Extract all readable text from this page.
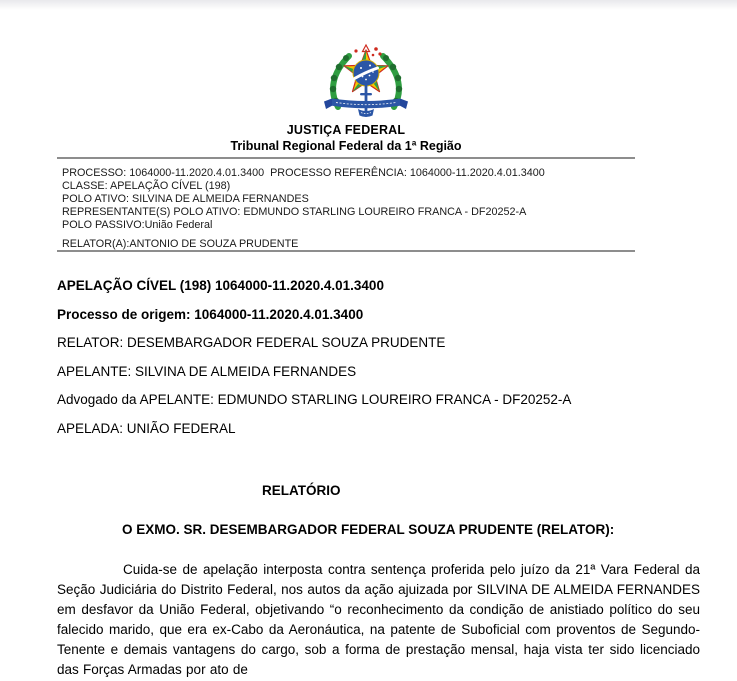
JUSTIÇA FEDERAL
Tribunal Regional Federal da 1ª Região
PROCESSO: 1064000-11.2020.4.01.3400  PROCESSO REFERÊNCIA: 1064000-11.2020.4.01.3400
CLASSE: APELAÇÃO CÍVEL (198)
POLO ATIVO: SILVINA DE ALMEIDA FERNANDES
REPRESENTANTE(S) POLO ATIVO: EDMUNDO STARLING LOUREIRO FRANCA - DF20252-A
POLO PASSIVO:União Federal
RELATOR(A):ANTONIO DE SOUZA PRUDENTE

APELAÇÃO CÍVEL (198) 1064000-11.2020.4.01.3400

Processo de origem: 1064000-11.2020.4.01.3400

RELATOR: DESEMBARGADOR FEDERAL SOUZA PRUDENTE

APELANTE: SILVINA DE ALMEIDA FERNANDES

Advogado da APELANTE: EDMUNDO STARLING LOUREIRO FRANCA - DF20252-A

APELADA: UNIÃO FEDERAL

RELATÓRIO
O EXMO. SR. DESEMBARGADOR FEDERAL SOUZA PRUDENTE (RELATOR):
Cuida-se de apelação interposta contra sentença proferida pelo juízo da 21ª Vara Federal da Seção Judiciária do Distrito Federal, nos autos da ação ajuizada por SILVINA DE ALMEIDA FERNANDES em desfavor da União Federal, objetivando “o reconhecimento da condição de anistiado político do seu falecido marido, que era ex-Cabo da Aeronáutica, na patente de Suboficial com proventos de Segundo-Tenente e demais vantagens do cargo, sob a forma de prestação mensal, haja vista ter sido licenciado das Forças Armadas por ato de
